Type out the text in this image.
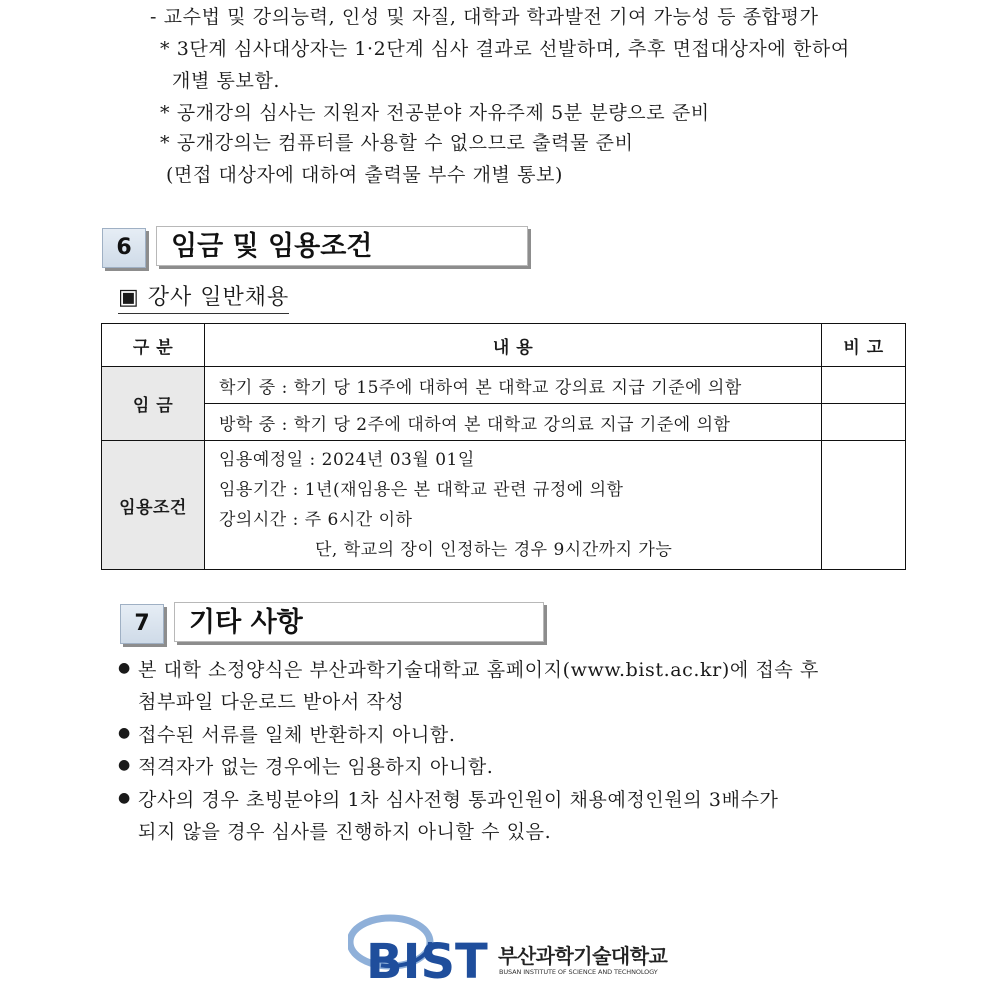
- 교수법 및 강의능력, 인성 및 자질, 대학과 학과발전 기여 가능성 등 종합평가
* 3단계 심사대상자는 1·2단계 심사 결과로 선발하며, 추후 면접대상자에 한하여
개별 통보함.
* 공개강의 심사는 지원자 전공분야 자유주제 5분 분량으로 준비
* 공개강의는 컴퓨터를 사용할 수 없으므로 출력물 준비
(면접 대상자에 대하여 출력물 부수 개별 통보)
6	임금 및 임용조건
▣ 강사 일반채용
구 분	내 용	비 고
임 금	학기 중 : 학기 당 15주에 대하여 본 대학교 강의료 지급 기준에 의함	
	방학 중 : 학기 당 2주에 대하여 본 대학교 강의료 지급 기준에 의함	
임용조건	임용예정일 : 2024년 03월 01일
임용기간 : 1년(재임용은 본 대학교 관련 규정에 의함
강의시간 : 주 6시간 이하
단, 학교의 장이 인정하는 경우 9시간까지 가능	

7	기타 사항
● 본 대학 소정양식은 부산과학기술대학교 홈페이지(www.bist.ac.kr)에 접속 후
첨부파일 다운로드 받아서 작성
● 접수된 서류를 일체 반환하지 아니함.
● 적격자가 없는 경우에는 임용하지 아니함.
● 강사의 경우 초빙분야의 1차 심사전형 통과인원이 채용예정인원의 3배수가
되지 않을 경우 심사를 진행하지 아니할 수 있음.
BIST 부산과학기술대학교
BUSAN INSTITUTE OF SCIENCE AND TECHNOLOGY
